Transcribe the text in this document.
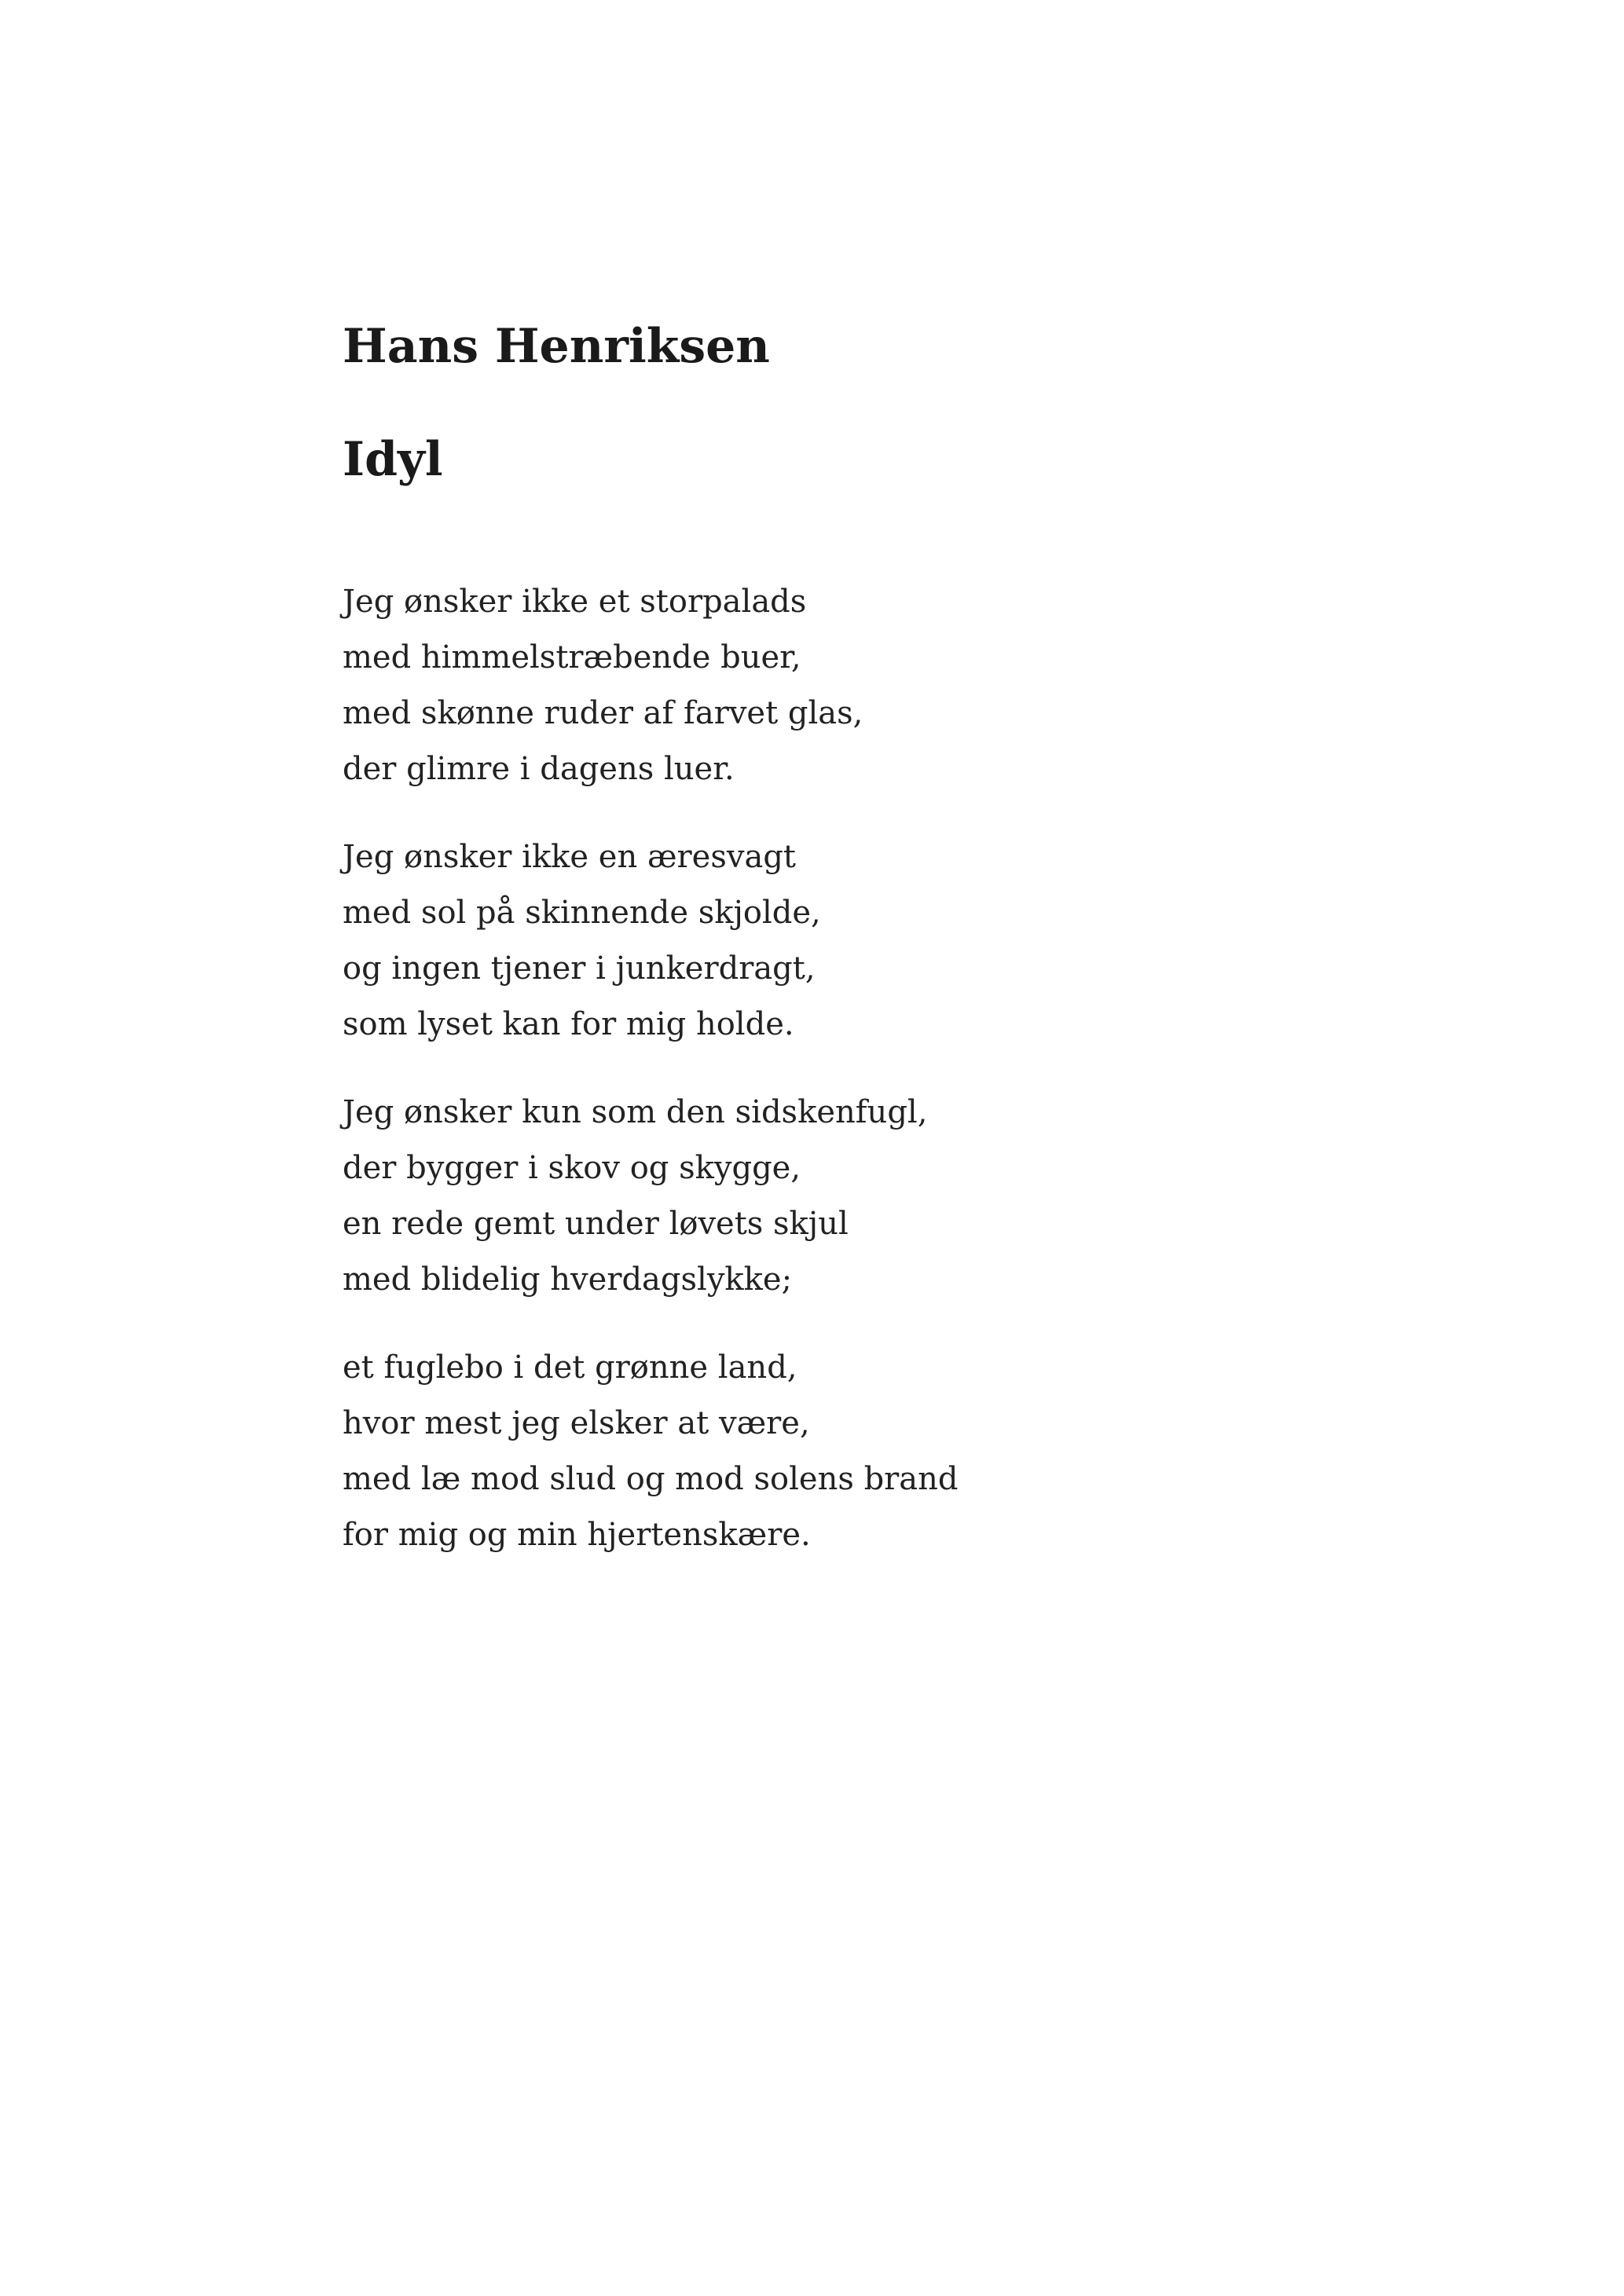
Hans Henriksen
Idyl
Jeg ønsker ikke et storpalads
med himmelstræbende buer,
med skønne ruder af farvet glas,
der glimre i dagens luer.
Jeg ønsker ikke en æresvagt
med sol på skinnende skjolde,
og ingen tjener i junkerdragt,
som lyset kan for mig holde.
Jeg ønsker kun som den sidskenfugl,
der bygger i skov og skygge,
en rede gemt under løvets skjul
med blidelig hverdagslykke;
et fuglebo i det grønne land,
hvor mest jeg elsker at være,
med læ mod slud og mod solens brand
for mig og min hjertenskære.
